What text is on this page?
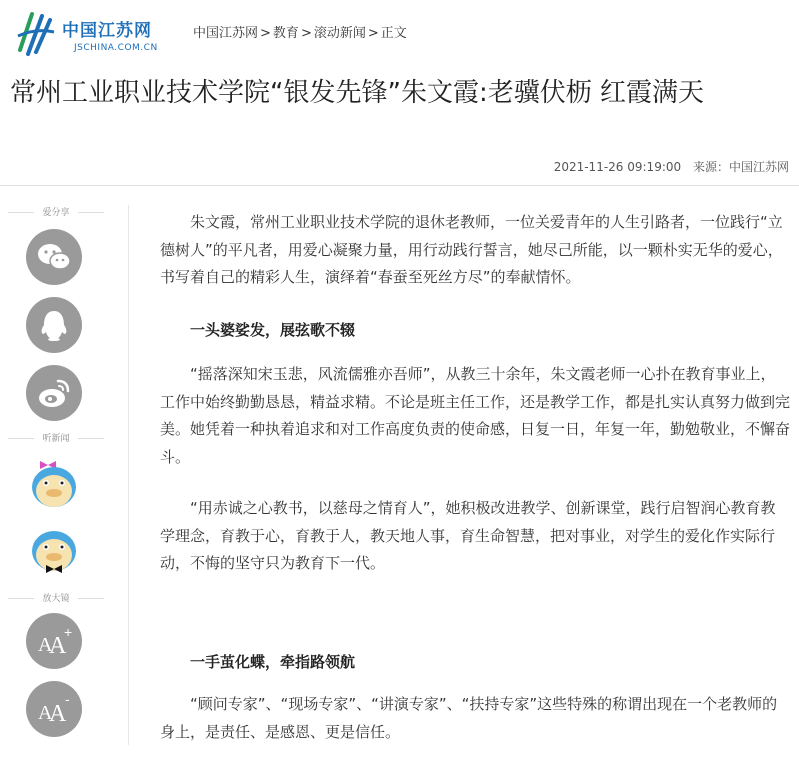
中国江苏网
JSCHINA.COM.CN
中国江苏网 > 教育 > 滚动新闻 > 正文
常州工业职业技术学院“银发先锋”朱文霞:老骥伏枥 红霞满天
2021-11-26 09:19:00 来源：中国江苏网
爱分享
听新闻
放大镜
A
A
+
A
A
-

朱文霞，常州工业职业技术学院的退休老教师，一位关爱青年的人生引路者，一位践行“立德树人”的平凡者，用爱心凝聚力量，用行动践行誓言，她尽己所能，以一颗朴实无华的爱心，书写着自己的精彩人生，演绎着“春蚕至死丝方尽”的奉献情怀。

一头婆娑发，展弦歌不辍

“摇落深知宋玉悲，风流儒雅亦吾师”，从教三十余年，朱文霞老师一心扑在教育事业上，工作中始终勤勤恳恳，精益求精。不论是班主任工作，还是教学工作，都是扎实认真努力做到完美。她凭着一种执着追求和对工作高度负责的使命感，日复一日，年复一年，勤勉敬业，不懈奋斗。

“用赤诚之心教书，以慈母之情育人”，她积极改进教学、创新课堂，践行启智润心教育教学理念，育教于心，育教于人，教天地人事，育生命智慧，把对事业，对学生的爱化作实际行动，不悔的坚守只为教育下一代。

一手茧化蝶，牵指路领航

“顾问专家”、“现场专家”、“讲演专家”、“扶持专家”这些特殊的称谓出现在一个老教师的身上，是责任、是感恩、更是信任。
